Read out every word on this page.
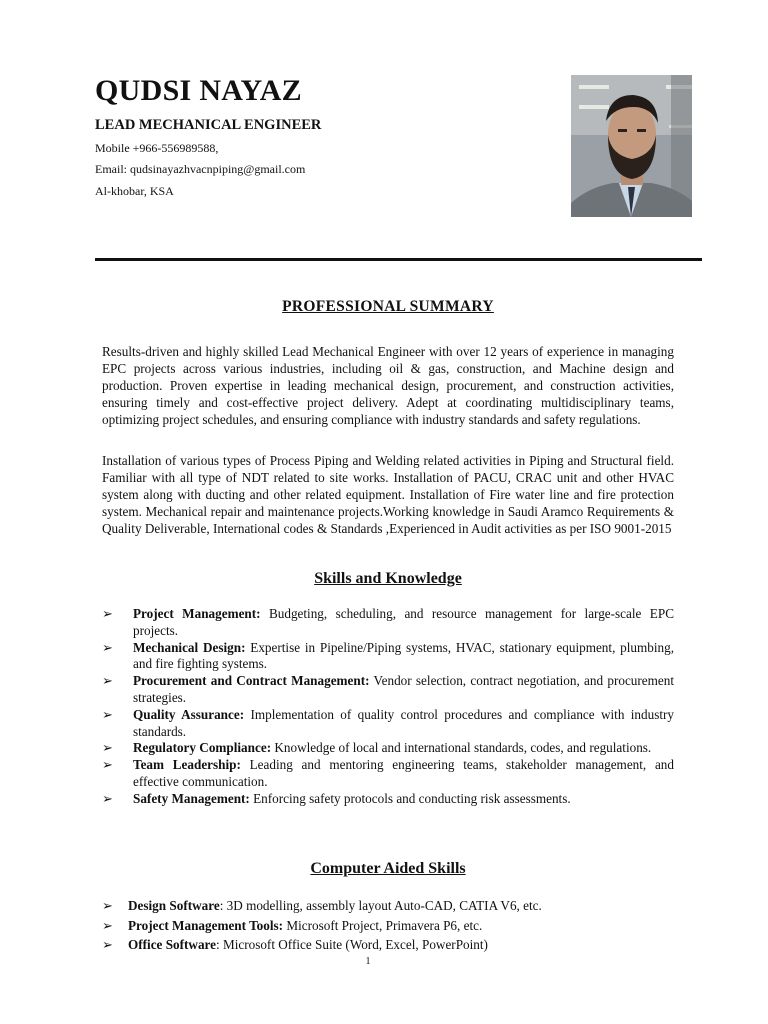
QUDSI NAYAZ
LEAD MECHANICAL ENGINEER
Mobile +966-556989588,
Email: qudsinayazhvacnpiping@gmail.com
Al-khobar, KSA
PROFESSIONAL SUMMARY
Results-driven and highly skilled Lead Mechanical Engineer with over 12 years of experience in managing EPC projects across various industries, including oil & gas, construction, and Machine design and production. Proven expertise in leading mechanical design, procurement, and construction activities, ensuring timely and cost-effective project delivery. Adept at coordinating multidisciplinary teams, optimizing project schedules, and ensuring compliance with industry standards and safety regulations.
Installation of various types of Process Piping and Welding related activities in Piping and Structural field. Familiar with all type of NDT related to site works. Installation of PACU, CRAC unit and other HVAC system along with ducting and other related equipment. Installation of Fire water line and fire protection system. Mechanical repair and maintenance projects.Working knowledge in Saudi Aramco Requirements & Quality Deliverable, International codes & Standards ,Experienced in Audit activities as per ISO 9001-2015
Skills and Knowledge
➢ Project Management: Budgeting, scheduling, and resource management for large-scale EPC projects.
➢ Mechanical Design: Expertise in Pipeline/Piping systems, HVAC, stationary equipment, plumbing, and fire fighting systems.
➢ Procurement and Contract Management: Vendor selection, contract negotiation, and procurement strategies.
➢ Quality Assurance: Implementation of quality control procedures and compliance with industry standards.
➢ Regulatory Compliance: Knowledge of local and international standards, codes, and regulations.
➢ Team Leadership: Leading and mentoring engineering teams, stakeholder management, and effective communication.
➢ Safety Management: Enforcing safety protocols and conducting risk assessments.
Computer Aided Skills
➢ Design Software: 3D modelling, assembly layout Auto-CAD, CATIA V6, etc.
➢ Project Management Tools: Microsoft Project, Primavera P6, etc.
➢ Office Software: Microsoft Office Suite (Word, Excel, PowerPoint)
1
